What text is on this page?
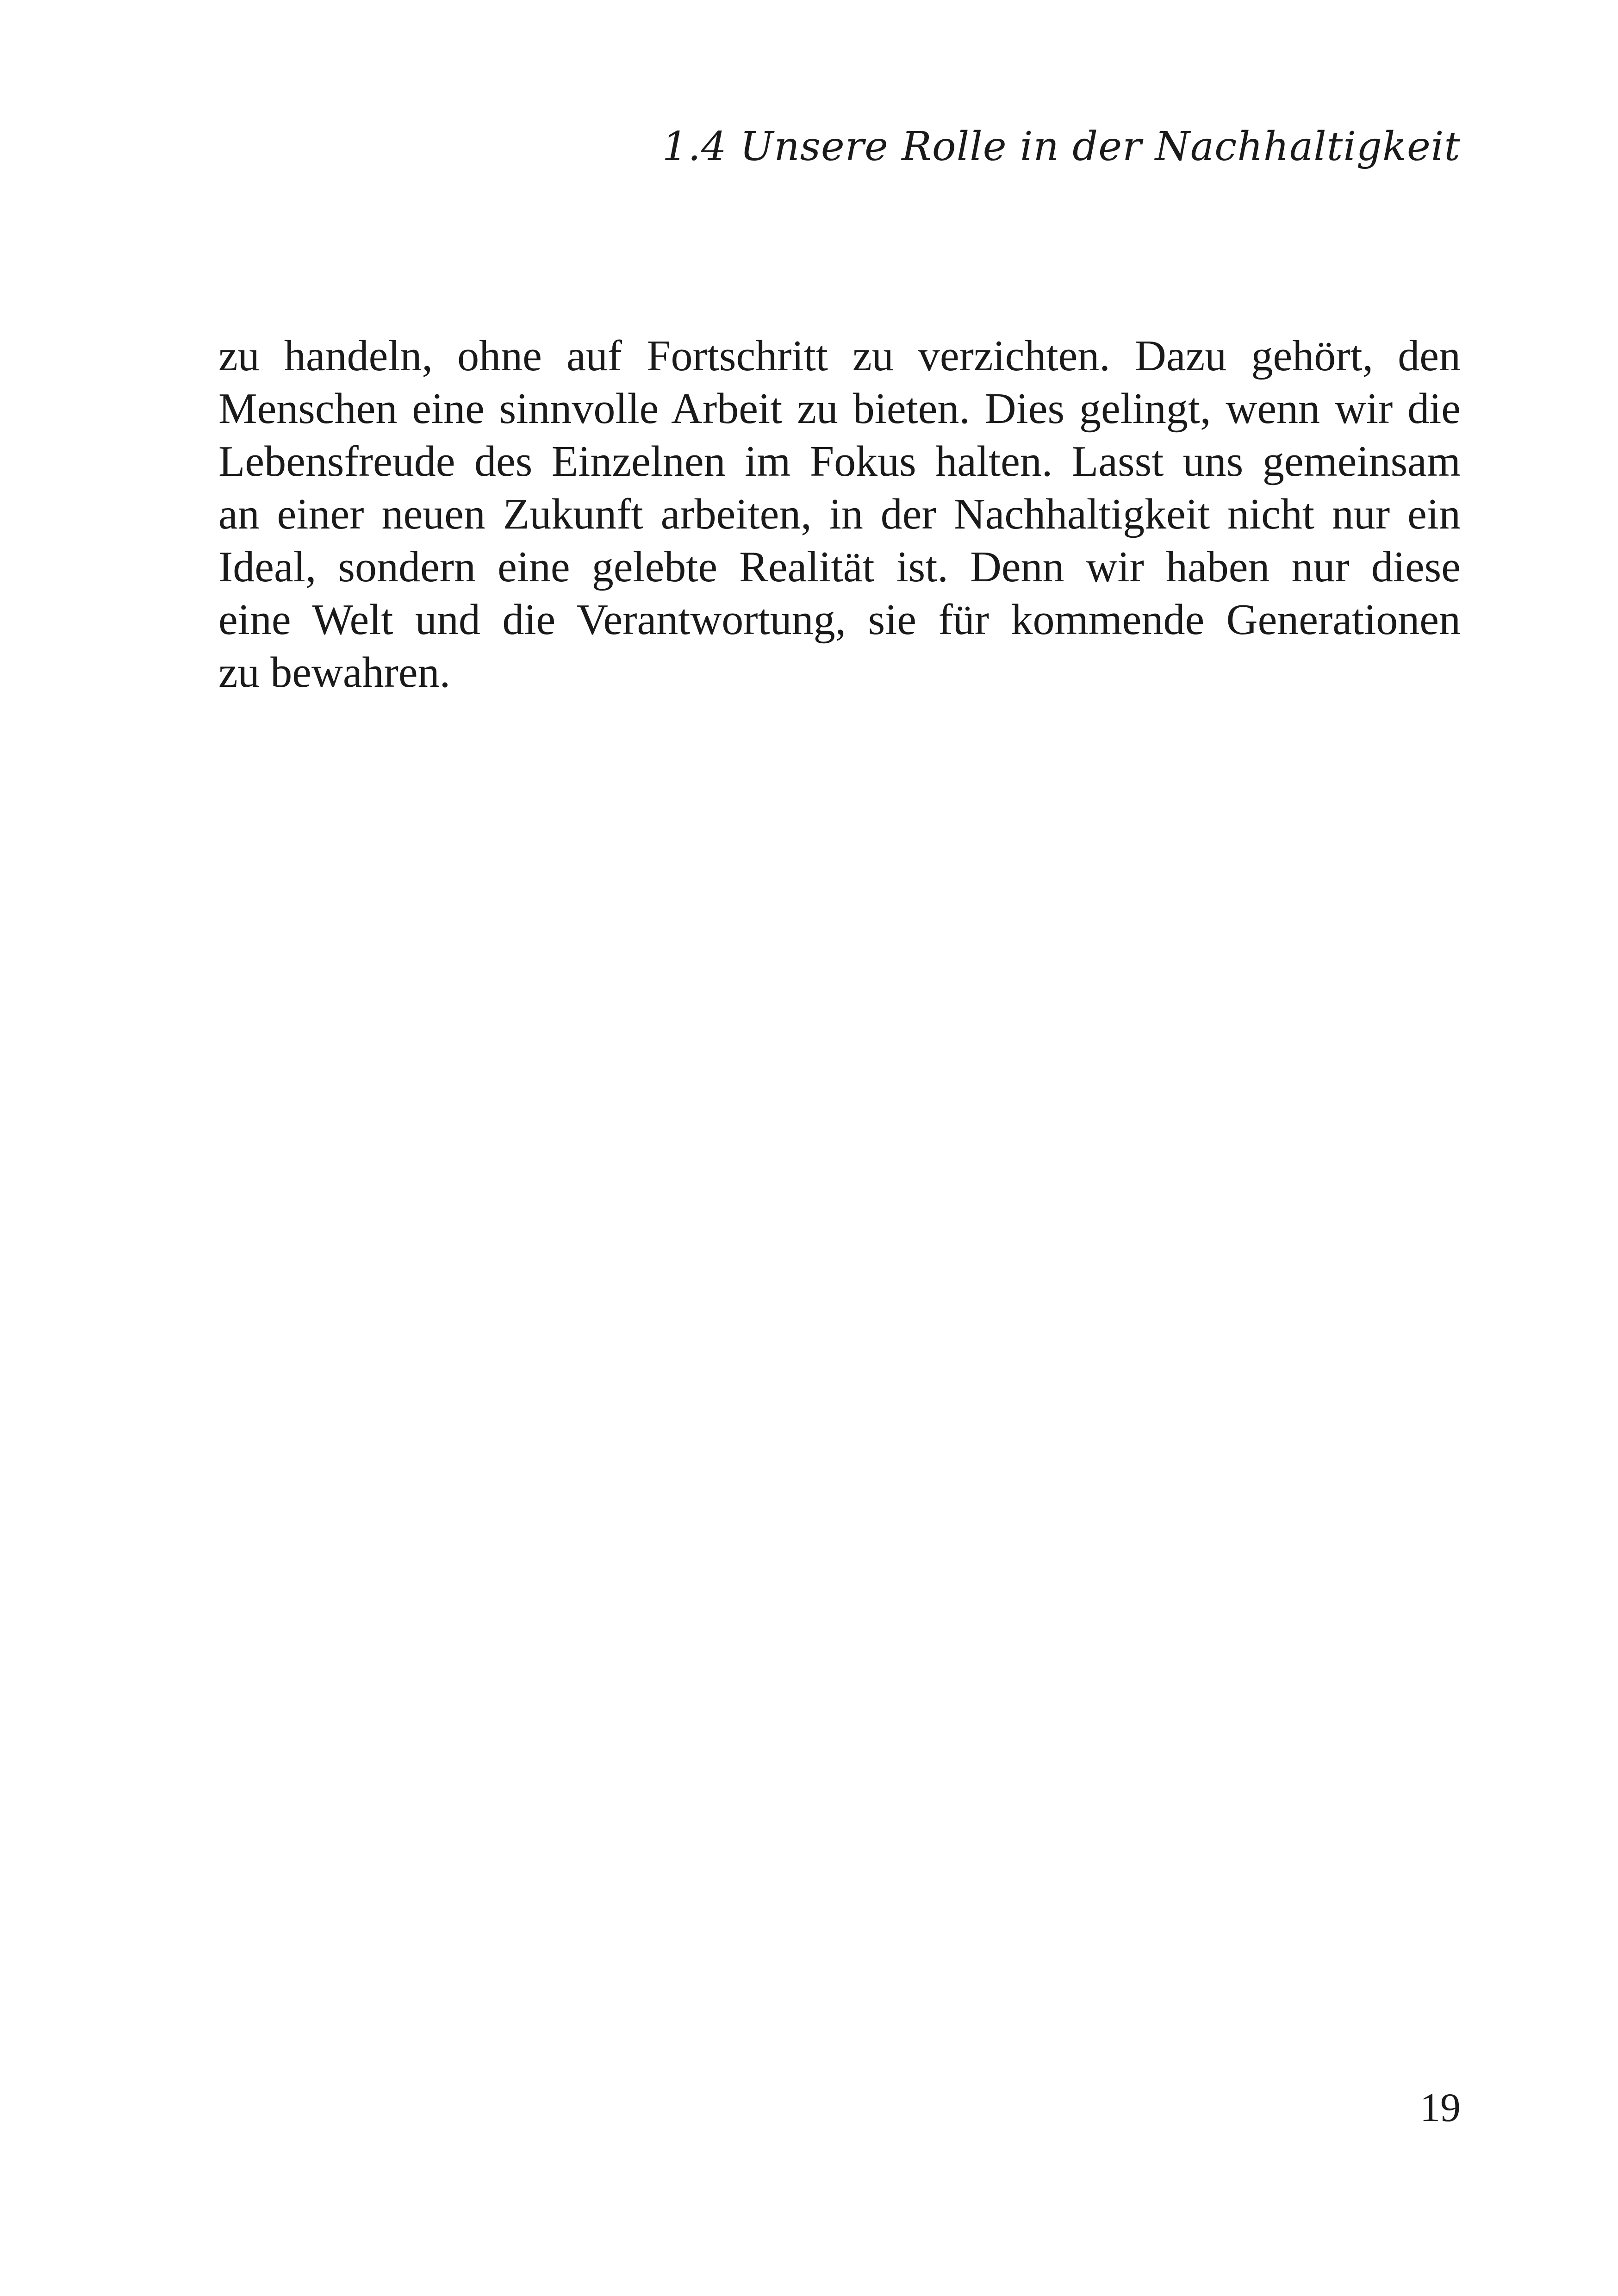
1.4 Unsere Rolle in der Nachhaltigkeit
zu handeln, ohne auf Fortschritt zu verzichten. Dazu gehört, den
Menschen eine sinnvolle Arbeit zu bieten. Dies gelingt, wenn wir die
Lebensfreude des Einzelnen im Fokus halten. Lasst uns gemeinsam
an einer neuen Zukunft arbeiten, in der Nachhaltigkeit nicht nur ein
Ideal, sondern eine gelebte Realität ist. Denn wir haben nur diese
eine Welt und die Verantwortung, sie für kommende Generationen
zu bewahren.
19
